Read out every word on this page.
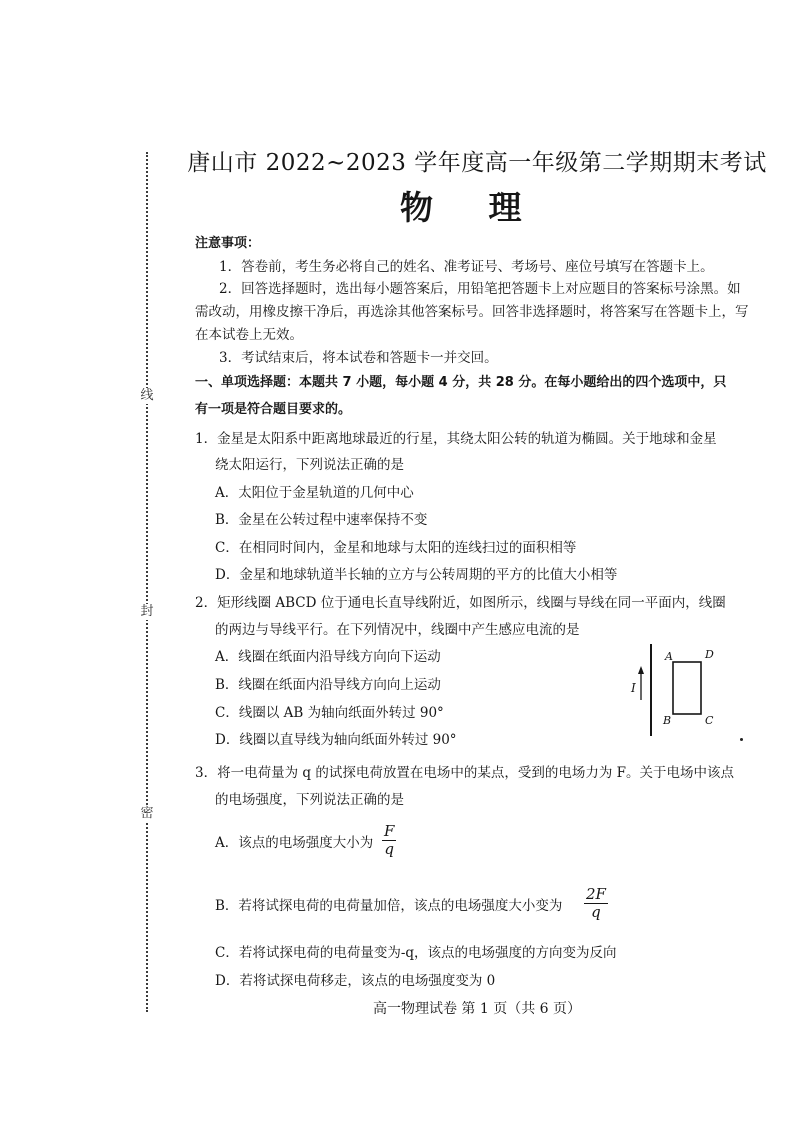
线
封
密
唐山市 2022~2023 学年度高一年级第二学期期末考试
物 理
注意事项：
1．答卷前，考生务必将自己的姓名、准考证号、考场号、座位号填写在答题卡上。
2．回答选择题时，选出每小题答案后，用铅笔把答题卡上对应题目的答案标号涂黑。如
需改动，用橡皮擦干净后，再选涂其他答案标号。回答非选择题时，将答案写在答题卡上，写
在本试卷上无效。
3．考试结束后，将本试卷和答题卡一并交回。
一、单项选择题：本题共 7 小题，每小题 4 分，共 28 分。在每小题给出的四个选项中，只
有一项是符合题目要求的。
1．金星是太阳系中距离地球最近的行星，其绕太阳公转的轨道为椭圆。关于地球和金星
绕太阳运行，下列说法正确的是
A．太阳位于金星轨道的几何中心
B．金星在公转过程中速率保持不变
C．在相同时间内，金星和地球与太阳的连线扫过的面积相等
D．金星和地球轨道半长轴的立方与公转周期的平方的比值大小相等
2．矩形线圈 ABCD 位于通电长直导线附近，如图所示，线圈与导线在同一平面内，线圈
的两边与导线平行。在下列情况中，线圈中产生感应电流的是
A．线圈在纸面内沿导线方向向下运动
B．线圈在纸面内沿导线方向向上运动
C．线圈以 AB 为轴向纸面外转过 90°
D．线圈以直导线为轴向纸面外转过 90°
I
A	D
B	C
3．将一电荷量为 q 的试探电荷放置在电场中的某点，受到的电场力为 F。关于电场中该点
的电场强度，下列说法正确的是
A．该点的电场强度大小为 $\frac{F}{q}$
B．若将试探电荷的电荷量加倍，该点的电场强度大小变为 $\frac{2F}{q}$
C．若将试探电荷的电荷量变为-q，该点的电场强度的方向变为反向
D．若将试探电荷移走，该点的电场强度变为 0
高一物理试卷 第 1 页（共 6 页）
